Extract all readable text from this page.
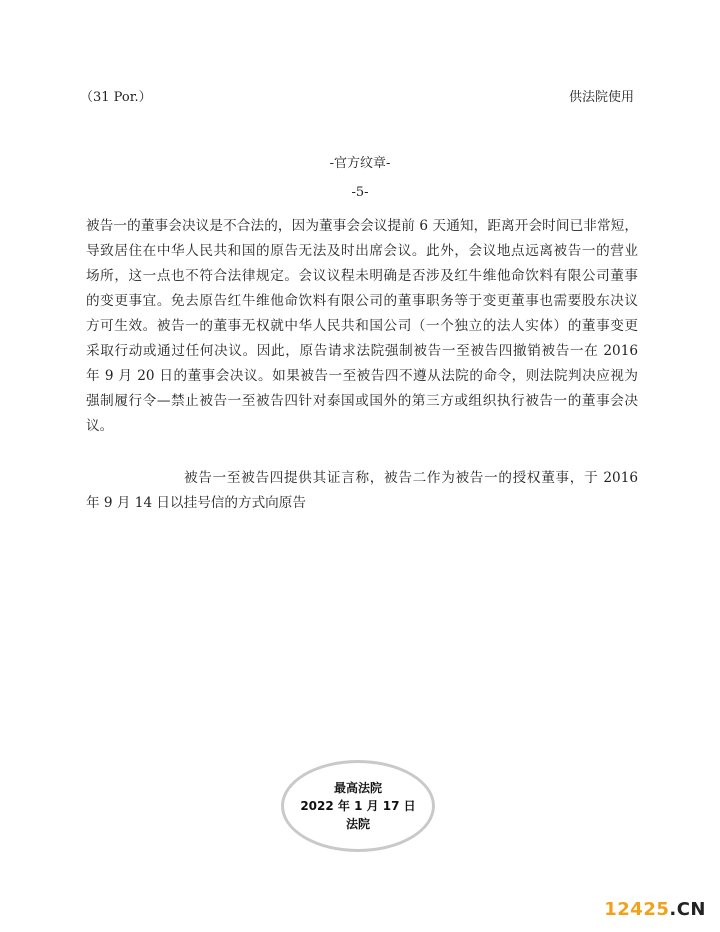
（31 Por.）	供法院使用
-官方纹章-
-5-
被告一的董事会决议是不合法的，因为董事会会议提前 6 天通知，距离开会时间已非常短，
导致居住在中华人民共和国的原告无法及时出席会议。此外，会议地点远离被告一的营业
场所，这一点也不符合法律规定。会议议程未明确是否涉及红牛维他命饮料有限公司董事
的变更事宜。免去原告红牛维他命饮料有限公司的董事职务等于变更董事也需要股东决议
方可生效。被告一的董事无权就中华人民共和国公司（一个独立的法人实体）的董事变更
采取行动或通过任何决议。因此，原告请求法院强制被告一至被告四撤销被告一在 2016
年 9 月 20 日的董事会决议。如果被告一至被告四不遵从法院的命令，则法院判决应视为
强制履行令—禁止被告一至被告四针对泰国或国外的第三方或组织执行被告一的董事会决
议。
被告一至被告四提供其证言称，被告二作为被告一的授权董事，于 2016
年 9 月 14 日以挂号信的方式向原告
最高法院
2022 年 1 月 17 日
法院
12425.CN
